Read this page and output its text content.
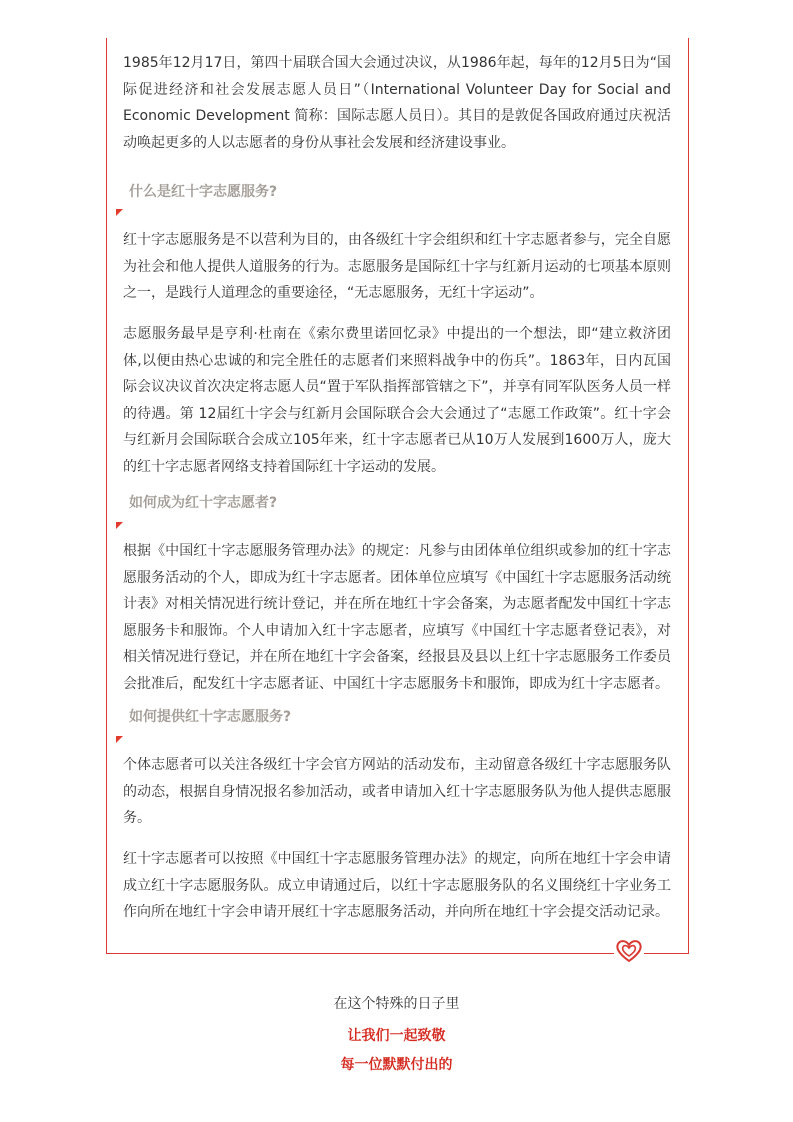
1985年12月17日，第四十届联合国大会通过决议，从1986年起，每年的12月5日为“国际促进经济和社会发展志愿人员日”（International Volunteer Day for Social and Economic Development 简称：国际志愿人员日）。其目的是敦促各国政府通过庆祝活动唤起更多的人以志愿者的身份从事社会发展和经济建设事业。

什么是红十字志愿服务?

红十字志愿服务是不以营利为目的，由各级红十字会组织和红十字志愿者参与，完全自愿为社会和他人提供人道服务的行为。志愿服务是国际红十字与红新月运动的七项基本原则之一，是践行人道理念的重要途径，“无志愿服务，无红十字运动”。

志愿服务最早是亨利·杜南在《索尔费里诺回忆录》中提出的一个想法，即“建立救济团体,以便由热心忠诚的和完全胜任的志愿者们来照料战争中的伤兵”。1863年，日内瓦国际会议决议首次决定将志愿人员“置于军队指挥部管辖之下”，并享有同军队医务人员一样的待遇。第 12届红十字会与红新月会国际联合会大会通过了“志愿工作政策”。红十字会与红新月会国际联合会成立105年来，红十字志愿者已从10万人发展到1600万人，庞大的红十字志愿者网络支持着国际红十字运动的发展。

如何成为红十字志愿者?

根据《中国红十字志愿服务管理办法》的规定：凡参与由团体单位组织或参加的红十字志愿服务活动的个人，即成为红十字志愿者。团体单位应填写《中国红十字志愿服务活动统计表》对相关情况进行统计登记，并在所在地红十字会备案，为志愿者配发中国红十字志愿服务卡和服饰。个人申请加入红十字志愿者，应填写《中国红十字志愿者登记表》，对相关情况进行登记，并在所在地红十字会备案，经报县及县以上红十字志愿服务工作委员会批准后，配发红十字志愿者证、中国红十字志愿服务卡和服饰，即成为红十字志愿者。

如何提供红十字志愿服务?

个体志愿者可以关注各级红十字会官方网站的活动发布，主动留意各级红十字志愿服务队的动态，根据自身情况报名参加活动，或者申请加入红十字志愿服务队为他人提供志愿服务。

红十字志愿者可以按照《中国红十字志愿服务管理办法》的规定，向所在地红十字会申请成立红十字志愿服务队。成立申请通过后，以红十字志愿服务队的名义围绕红十字业务工作向所在地红十字会申请开展红十字志愿服务活动，并向所在地红十字会提交活动记录。

在这个特殊的日子里

让我们一起致敬

每一位默默付出的
